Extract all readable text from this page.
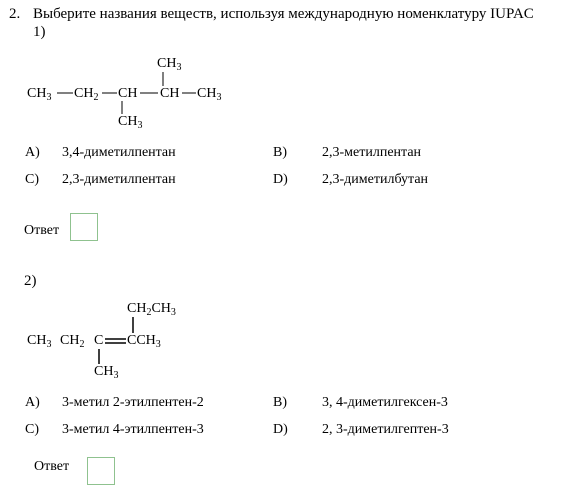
2. Выберите названия веществ, используя международную номенклатуру IUPAC
1)
$CH_3$
$CH_3$ $CH_2$ CH CH $CH_3$
$CH_3$
A) 3,4-диметилпентан	B)	2,3-метилпентан
C) 2,3-диметилпентан	D) 2,3-диметилбутан
Ответ
2)
$CH_2CH_3$
$CH_3$ $CH_2$ C $CCH_3$
$CH_3$
A) 3-метил 2-этилпентен-2	B)	3, 4-диметилгексен-3
C) 3-метил 4-этилпентен-3	D) 2, 3-диметилгептен-3
Ответ
